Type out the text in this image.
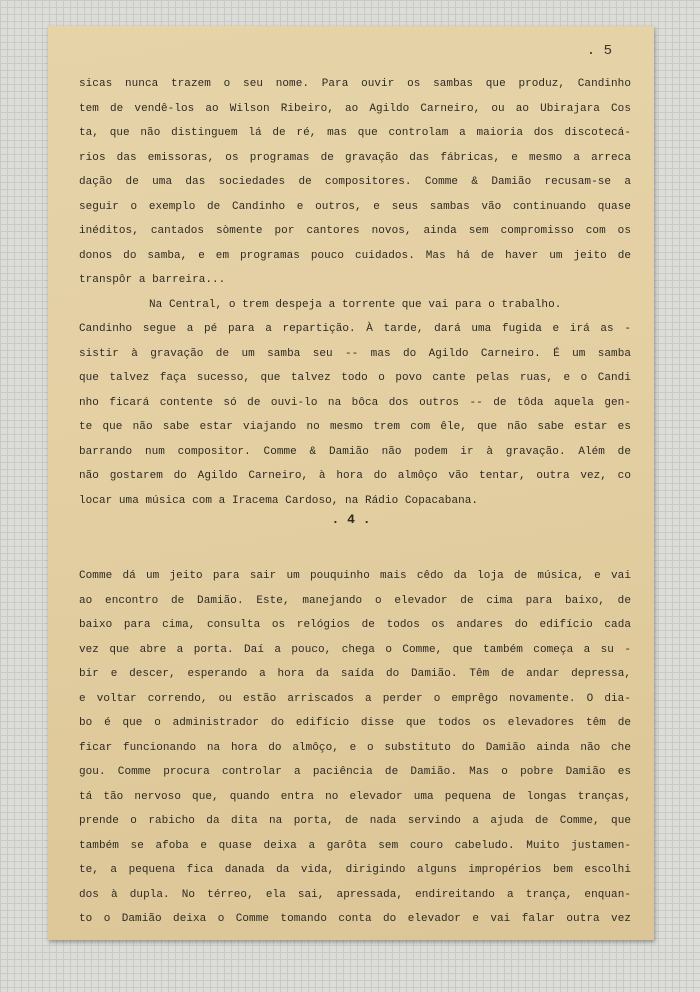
. 5
sicas nunca trazem o seu nome. Para ouvir os sambas que produz, Candinho
tem de vendê-los ao Wilson Ribeiro, ao Agildo Carneiro, ou ao Ubirajara Cos
ta, que não distinguem lá de ré, mas que controlam a maioria dos discotecá-
rios das emissoras, os programas de gravação das fábricas, e mesmo a arreca
dação de uma das sociedades de compositores. Comme & Damião recusam-se a
seguir o exemplo de Candinho e outros, e seus sambas vão continuando quase
inéditos, cantados sòmente por cantores novos, ainda sem compromisso com os
donos do samba, e em programas pouco cuidados. Mas há de haver um jeito de
transpôr a barreira...
Na Central, o trem despeja a torrente que vai para o trabalho.
Candinho segue a pé para a repartição. À tarde, dará uma fugida e irá as -
sistir à gravação de um samba seu -- mas do Agildo Carneiro. É um samba
que talvez faça sucesso, que talvez todo o povo cante pelas ruas, e o Candi
nho ficará contente só de ouvi-lo na bôca dos outros -- de tôda aquela gen-
te que não sabe estar viajando no mesmo trem com êle, que não sabe estar es
barrando num compositor. Comme & Damião não podem ir à gravação. Além de
não gostarem do Agildo Carneiro, à hora do almôço vão tentar, outra vez, co
locar uma música com a Iracema Cardoso, na Rádio Copacabana.
. 4 .
Comme dá um jeito para sair um pouquinho mais cêdo da loja de música, e vai
ao encontro de Damião. Este, manejando o elevador de cima para baixo, de
baixo para cima, consulta os relógios de todos os andares do edifício cada
vez que abre a porta. Daí a pouco, chega o Comme, que também começa a su -
bir e descer, esperando a hora da saída do Damião. Têm de andar depressa,
e voltar correndo, ou estão arriscados a perder o emprêgo novamente. O dia-
bo é que o administrador do edifício disse que todos os elevadores têm de
ficar funcionando na hora do almôço, e o substituto do Damião ainda não che
gou. Comme procura controlar a paciência de Damião. Mas o pobre Damião es
tá tão nervoso que, quando entra no elevador uma pequena de longas tranças,
prende o rabicho da dita na porta, de nada servindo a ajuda de Comme, que
também se afoba e quase deixa a garôta sem couro cabeludo. Muito justamen-
te, a pequena fica danada da vida, dirigindo alguns impropérios bem escolhi
dos à dupla. No térreo, ela sai, apressada, endireitando a trança, enquan-
to o Damião deixa o Comme tomando conta do elevador e vai falar outra vez
